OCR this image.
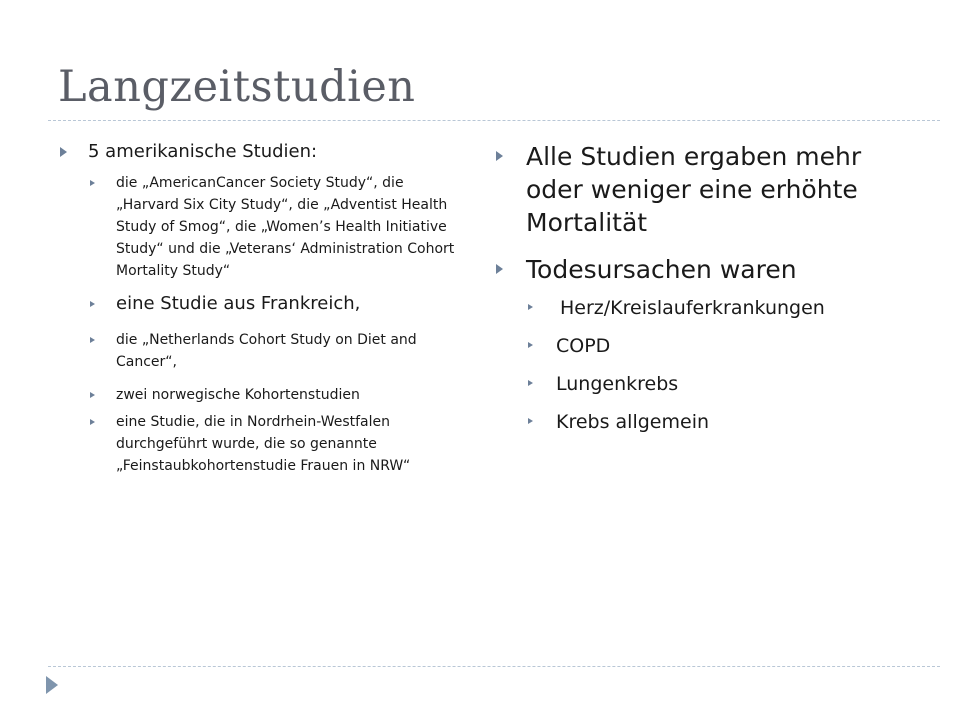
Langzeitstudien
5 amerikanische Studien:
die „AmericanCancer Society Study“, die „Harvard Six City Study“, die „Adventist Health Study of Smog“, die „Women’s Health Initiative Study“ und die „Veterans‘ Administration Cohort Mortality Study“
eine Studie aus Frankreich,
die „Netherlands Cohort Study on Diet and Cancer“,
zwei norwegische Kohortenstudien
eine Studie, die in Nordrhein-Westfalen durchgeführt wurde, die so genannte „Feinstaubkohortenstudie Frauen in NRW“
Alle Studien ergaben mehr oder weniger eine erhöhte Mortalität
Todesursachen waren
Herz/Kreislauferkrankungen
COPD
Lungenkrebs
Krebs allgemein
